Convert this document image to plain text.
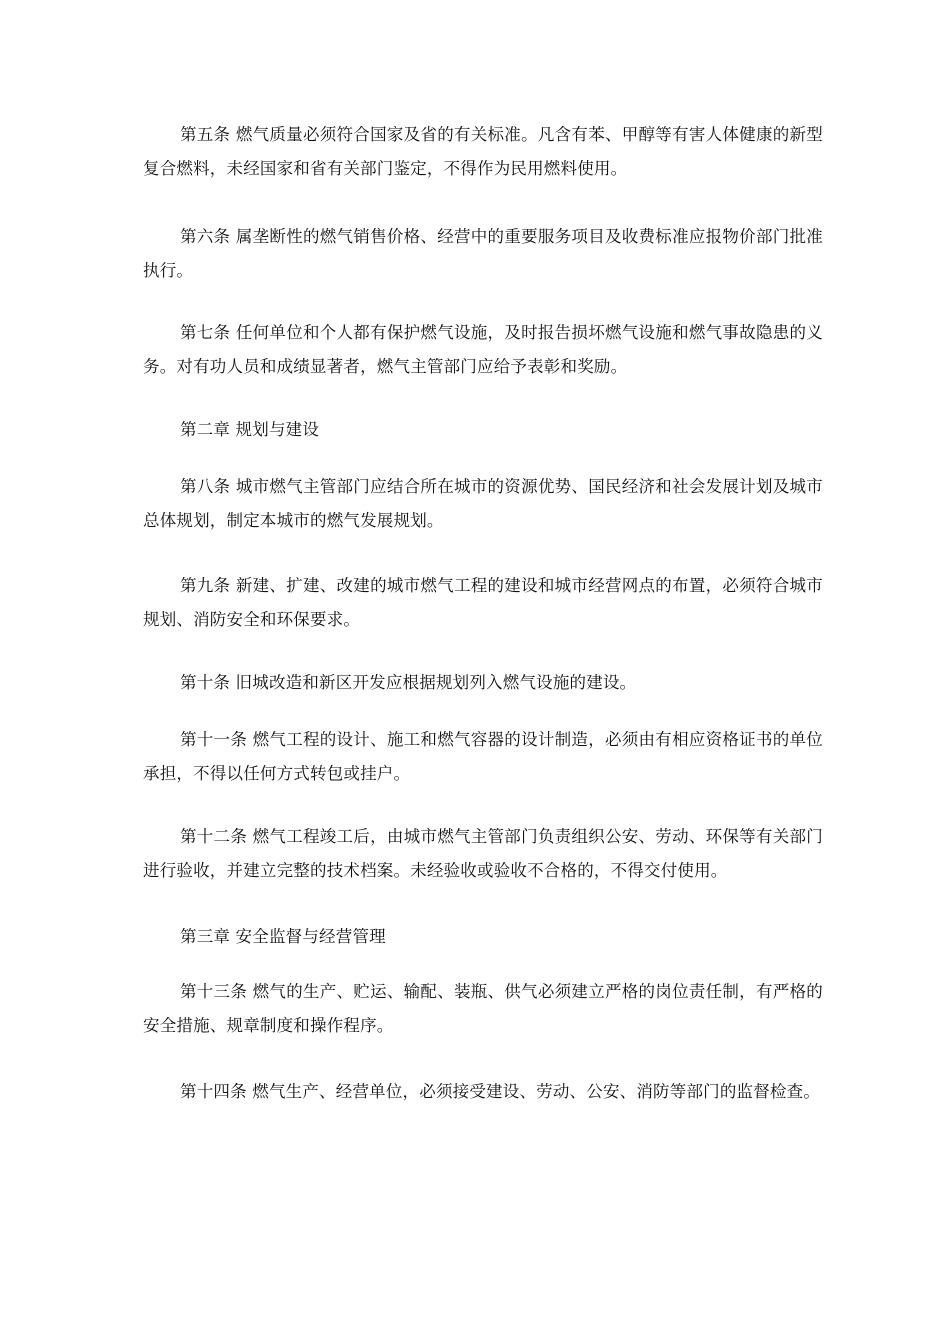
第五条 燃气质量必须符合国家及省的有关标准。凡含有苯、甲醇等有害人体健康的新型复合燃料，未经国家和省有关部门鉴定，不得作为民用燃料使用。

第六条 属垄断性的燃气销售价格、经营中的重要服务项目及收费标准应报物价部门批准执行。

第七条 任何单位和个人都有保护燃气设施，及时报告损坏燃气设施和燃气事故隐患的义务。对有功人员和成绩显著者，燃气主管部门应给予表彰和奖励。

第二章 规划与建设

第八条 城市燃气主管部门应结合所在城市的资源优势、国民经济和社会发展计划及城市总体规划，制定本城市的燃气发展规划。

第九条 新建、扩建、改建的城市燃气工程的建设和城市经营网点的布置，必须符合城市规划、消防安全和环保要求。

第十条 旧城改造和新区开发应根据规划列入燃气设施的建设。

第十一条 燃气工程的设计、施工和燃气容器的设计制造，必须由有相应资格证书的单位承担，不得以任何方式转包或挂户。

第十二条 燃气工程竣工后，由城市燃气主管部门负责组织公安、劳动、环保等有关部门进行验收，并建立完整的技术档案。未经验收或验收不合格的，不得交付使用。

第三章 安全监督与经营管理

第十三条 燃气的生产、贮运、输配、装瓶、供气必须建立严格的岗位责任制，有严格的安全措施、规章制度和操作程序。

第十四条 燃气生产、经营单位，必须接受建设、劳动、公安、消防等部门的监督检查。
